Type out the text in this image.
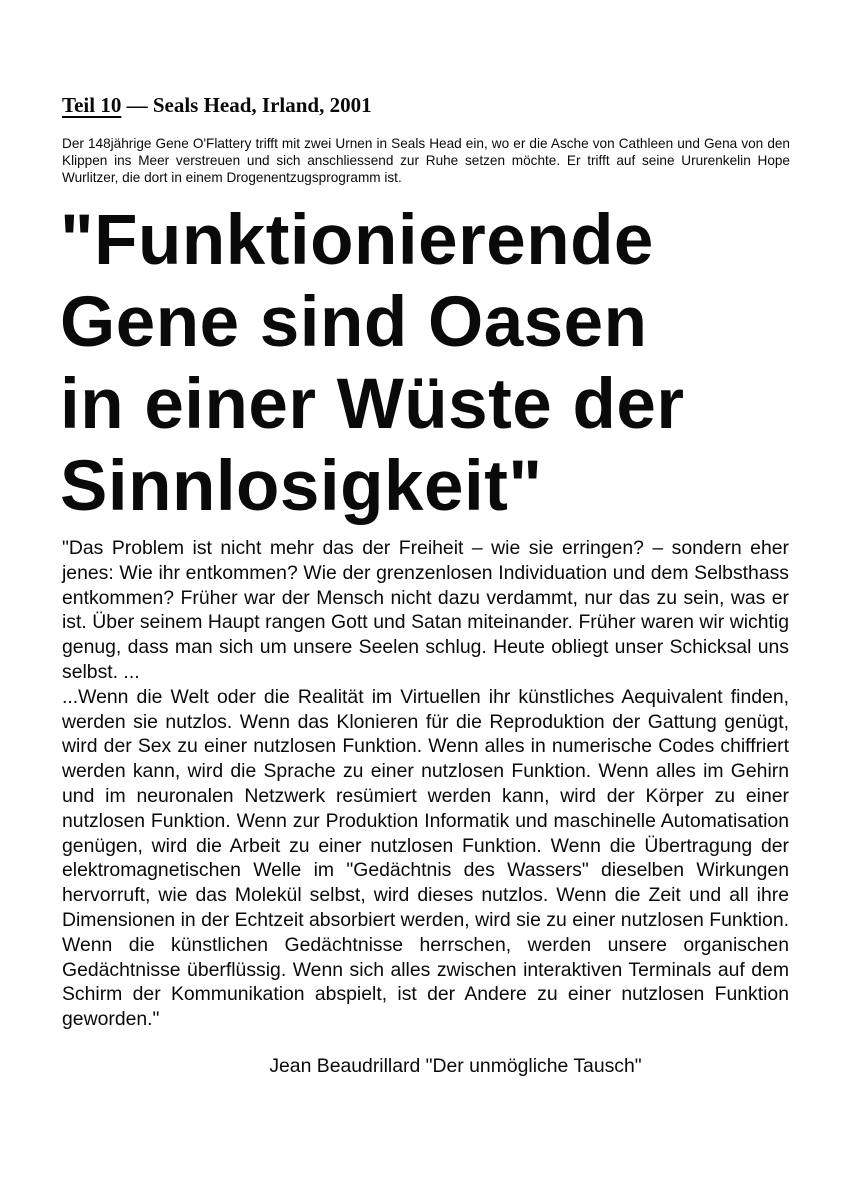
Teil 10 — Seals Head, Irland, 2001

Der 148jährige Gene O'Flattery trifft mit zwei Urnen in Seals Head ein, wo er die Asche von Cathleen und Gena von den Klippen ins Meer verstreuen und sich anschliessend zur Ruhe setzen möchte. Er trifft auf seine Ururenkelin Hope Wurlitzer, die dort in einem Drogenentzugsprogramm ist.

"Funktionierende
Gene sind Oasen
in einer Wüste der
Sinnlosigkeit"

"Das Problem ist nicht mehr das der Freiheit – wie sie erringen? – sondern eher jenes: Wie ihr entkommen? Wie der grenzenlosen Individuation und dem Selbsthass entkommen? Früher war der Mensch nicht dazu verdammt, nur das zu sein, was er ist. Über seinem Haupt rangen Gott und Satan miteinander. Früher waren wir wichtig genug, dass man sich um unsere Seelen schlug. Heute obliegt unser Schicksal uns selbst. ...

...Wenn die Welt oder die Realität im Virtuellen ihr künstliches Aequivalent finden, werden sie nutzlos. Wenn das Klonieren für die Reproduktion der Gattung genügt, wird der Sex zu einer nutzlosen Funktion. Wenn alles in numerische Codes chiffriert werden kann, wird die Sprache zu einer nutzlosen Funktion. Wenn alles im Gehirn und im neuronalen Netzwerk resümiert werden kann, wird der Körper zu einer nutzlosen Funktion. Wenn zur Produktion Informatik und maschinelle Automatisation genügen, wird die Arbeit zu einer nutzlosen Funktion. Wenn die Übertragung der elektromagnetischen Welle im "Gedächtnis des Wassers" dieselben Wirkungen hervorruft, wie das Molekül selbst, wird dieses nutzlos. Wenn die Zeit und all ihre Dimensionen in der Echtzeit absorbiert werden, wird sie zu einer nutzlosen Funktion. Wenn die künstlichen Gedächtnisse herrschen, werden unsere organischen Gedächtnisse überflüssig. Wenn sich alles zwischen interaktiven Terminals auf dem Schirm der Kommunikation abspielt, ist der Andere zu einer nutzlosen Funktion geworden."

Jean Beaudrillard "Der unmögliche Tausch"
